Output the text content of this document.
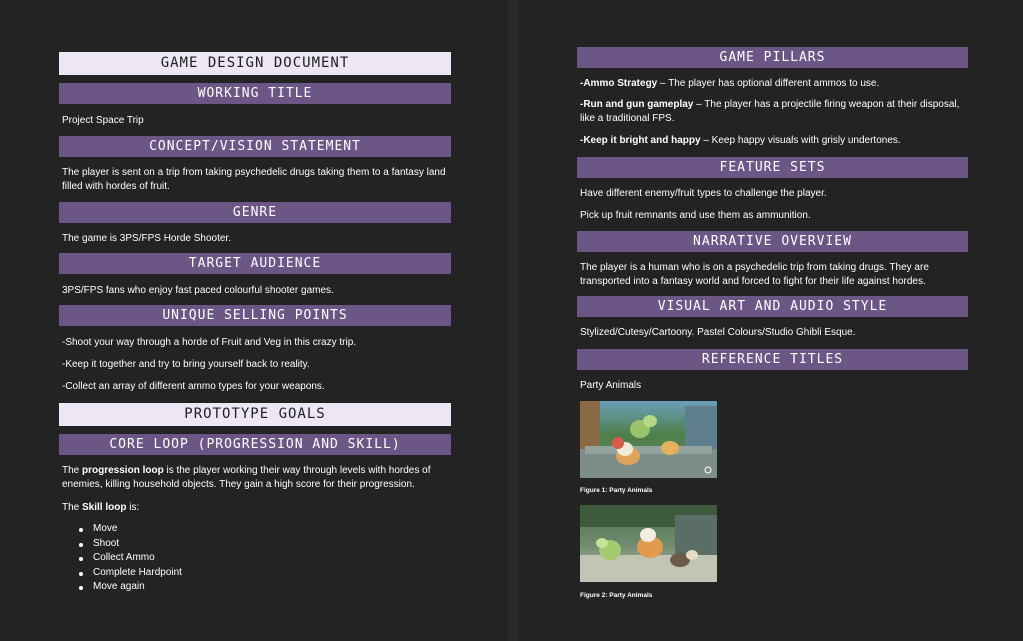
GAME DESIGN DOCUMENT
WORKING TITLE
Project Space Trip
CONCEPT/VISION STATEMENT
The player is sent on a trip from taking psychedelic drugs taking them to a fantasy land filled with hordes of fruit.
GENRE
The game is 3PS/FPS Horde Shooter.
TARGET AUDIENCE
3PS/FPS fans who enjoy fast paced colourful shooter games.
UNIQUE SELLING POINTS
-Shoot your way through a horde of Fruit and Veg in this crazy trip.
-Keep it together and try to bring yourself back to reality.
-Collect an array of different ammo types for your weapons.
PROTOTYPE GOALS
CORE LOOP (PROGRESSION AND SKILL)
The progression loop is the player working their way through levels with hordes of enemies, killing household objects. They gain a high score for their progression.
The Skill loop is:
Move
Shoot
Collect Ammo
Complete Hardpoint
Move again
GAME PILLARS
-Ammo Strategy – The player has optional different ammos to use.
-Run and gun gameplay – The player has a projectile firing weapon at their disposal, like a traditional FPS.
-Keep it bright and happy – Keep happy visuals with grisly undertones.
FEATURE SETS
Have different enemy/fruit types to challenge the player.
Pick up fruit remnants and use them as ammunition.
NARRATIVE OVERVIEW
The player is a human who is on a psychedelic trip from taking drugs. They are transported into a fantasy world and forced to fight for their life against hordes.
VISUAL ART AND AUDIO STYLE
Stylized/Cutesy/Cartoony. Pastel Colours/Studio Ghibli Esque.
REFERENCE TITLES
Party Animals
Figure 1: Party Animals
Figure 2: Party Animals
